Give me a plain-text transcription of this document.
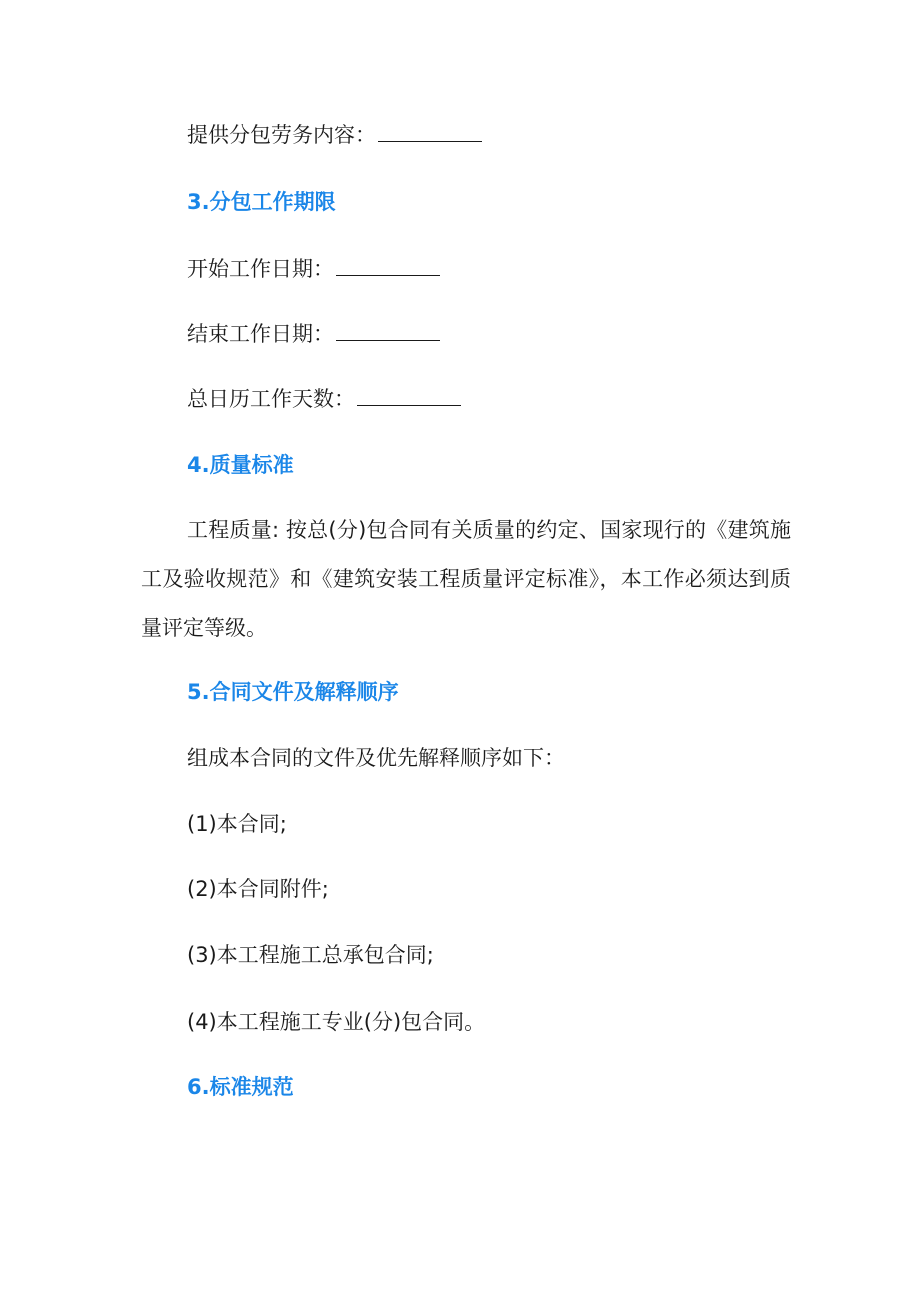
提供分包劳务内容：
3.分包工作期限
开始工作日期：
结束工作日期：
总日历工作天数：
4.质量标准
工程质量: 按总(分)包合同有关质量的约定、国家现行的《建筑施工及验收规范》和《建筑安装工程质量评定标准》，本工作必须达到质量评定等级。
5.合同文件及解释顺序
组成本合同的文件及优先解释顺序如下：
(1)本合同;
(2)本合同附件;
(3)本工程施工总承包合同;
(4)本工程施工专业(分)包合同。
6.标准规范
